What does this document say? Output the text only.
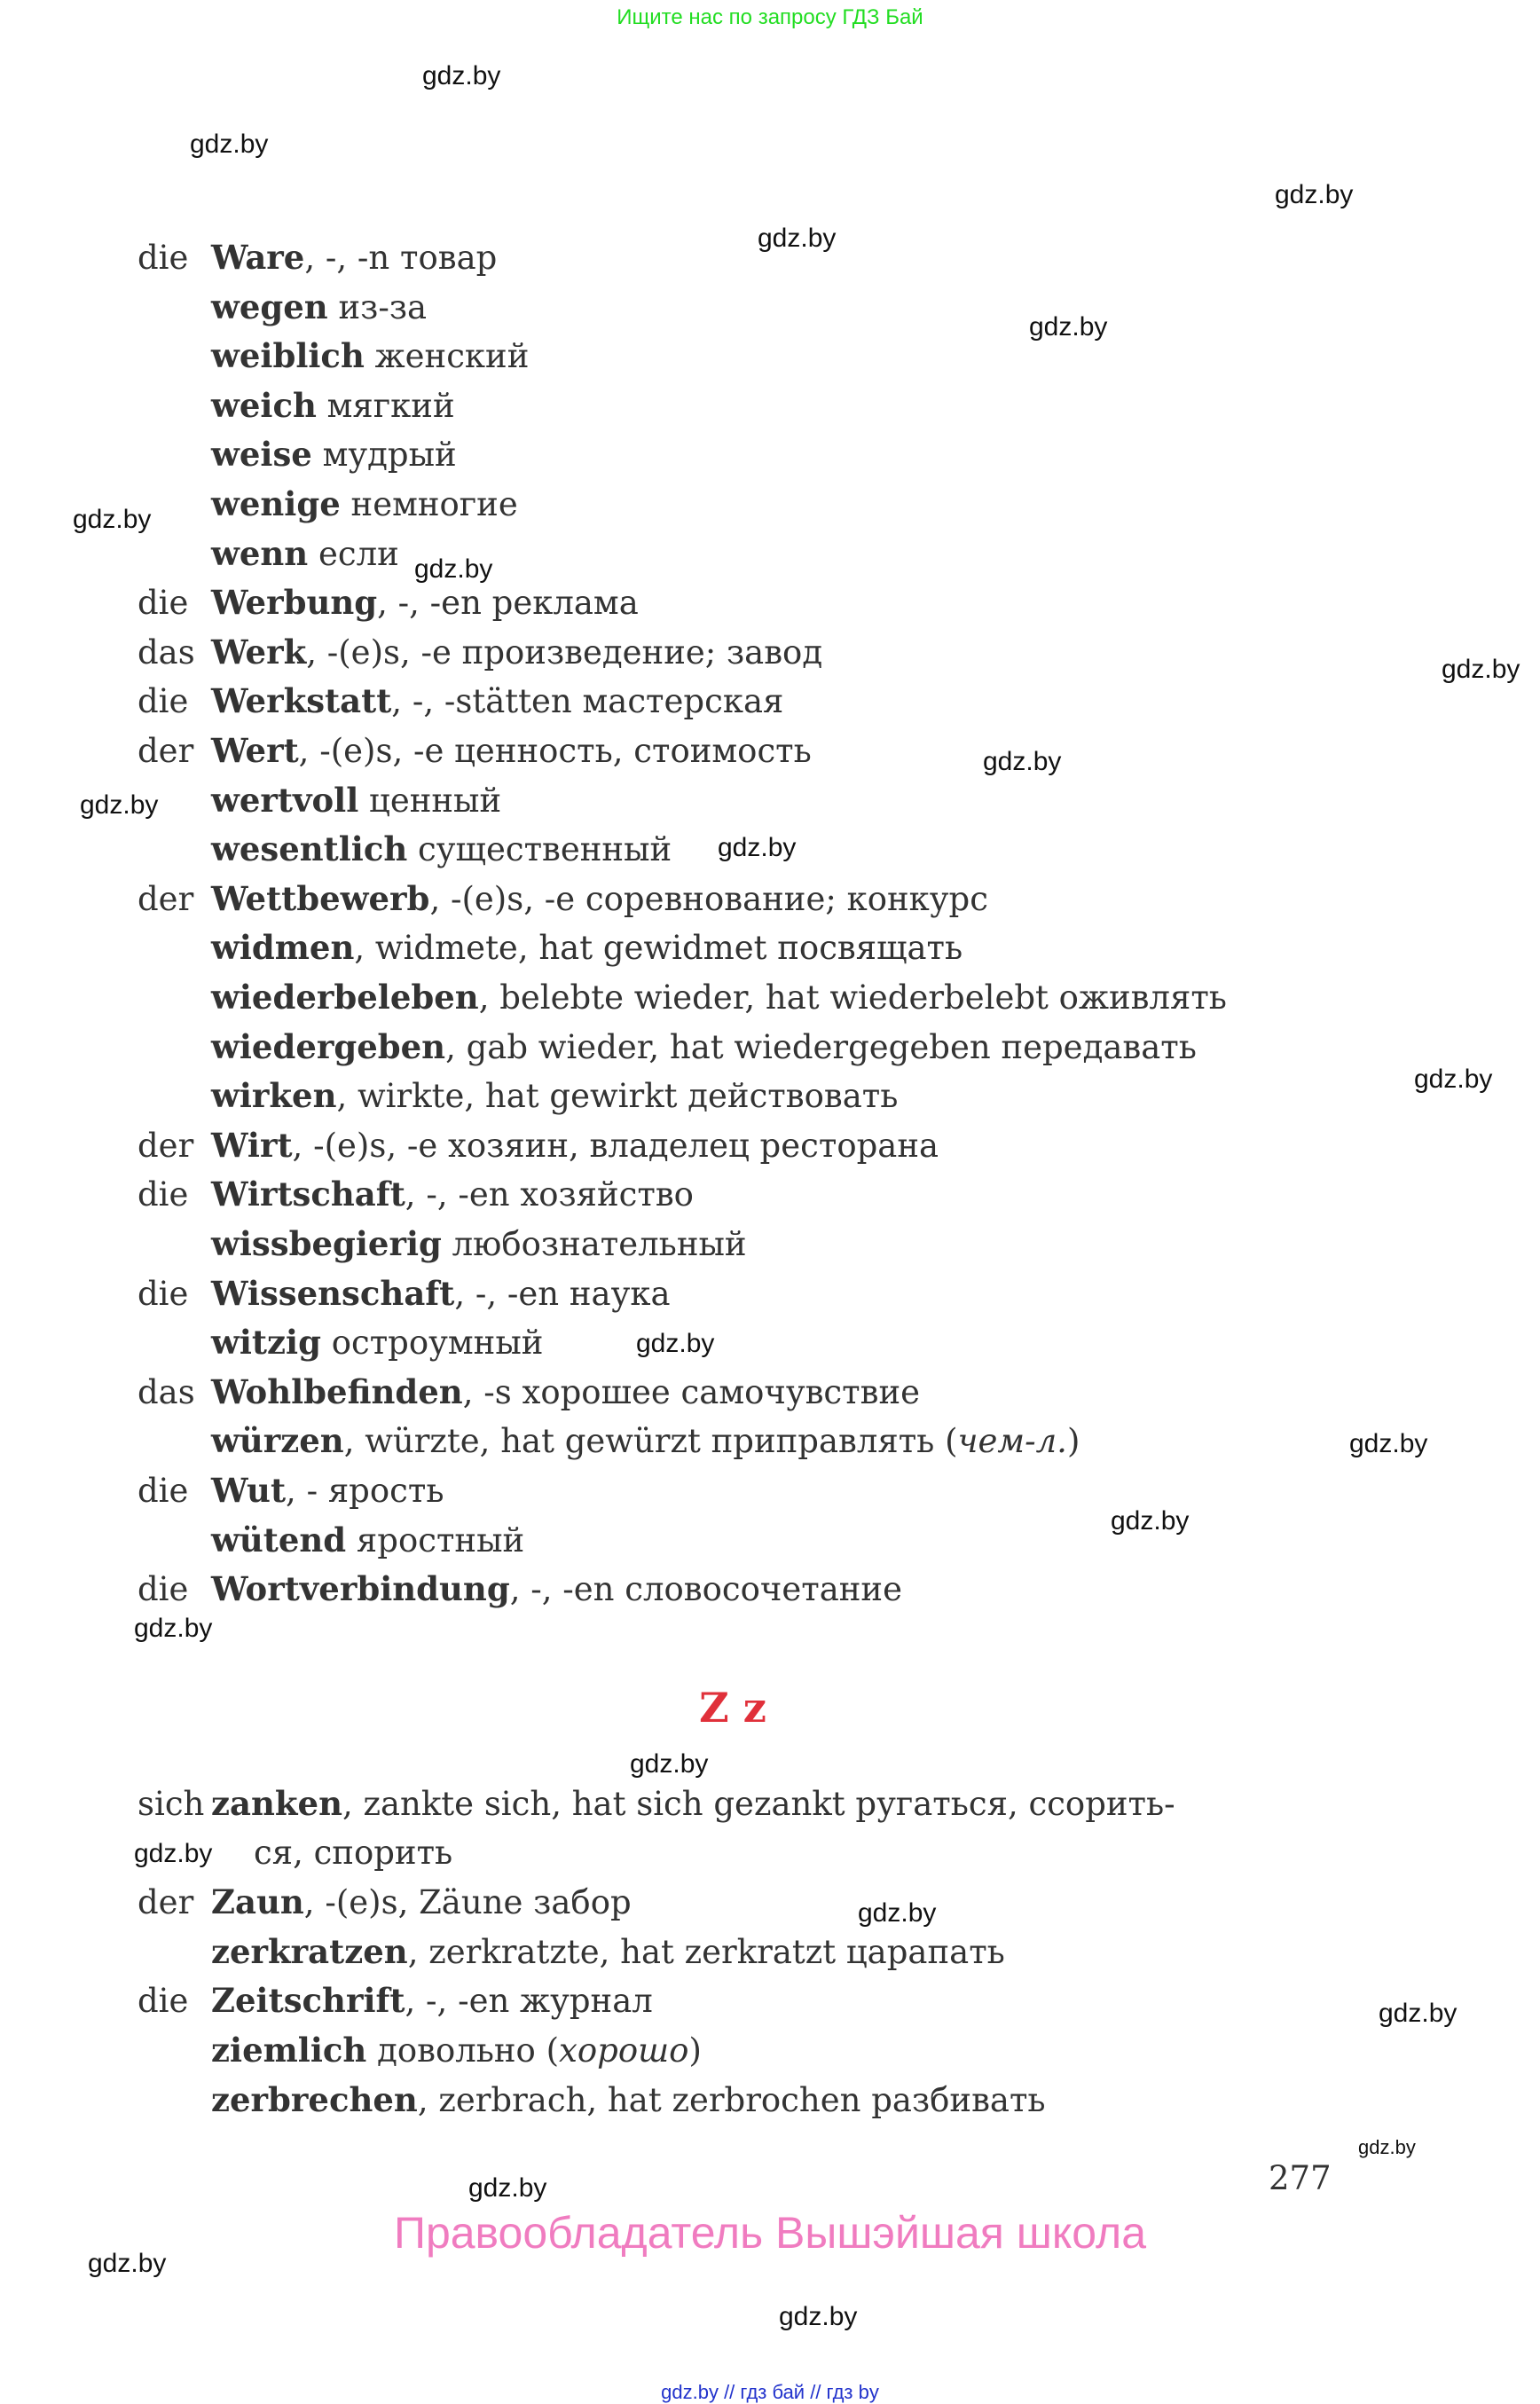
Ищите нас по запросу ГДЗ Бай
die Ware, -, -n товар
wegen из-за
weiblich женский
weich мягкий
weise мудрый
wenige немногие
wenn если
die Werbung, -, -en реклама
das Werk, -(e)s, -e произведение; завод
die Werkstatt, -, -stätten мастерская
der Wert, -(e)s, -e ценность, стоимость
wertvoll ценный
wesentlich существенный
der Wettbewerb, -(e)s, -e соревнование; конкурс
widmen, widmete, hat gewidmet посвящать
wiederbeleben, belebte wieder, hat wiederbelebt оживлять
wiedergeben, gab wieder, hat wiedergegeben передавать
wirken, wirkte, hat gewirkt действовать
der Wirt, -(e)s, -e хозяин, владелец ресторана
die Wirtschaft, -, -en хозяйство
wissbegierig любознательный
die Wissenschaft, -, -en наука
witzig остроумный
das Wohlbefinden, -s хорошее самочувствие
würzen, würzte, hat gewürzt приправлять (чем-л.)
die Wut, - ярость
wütend яростный
die Wortverbindung, -, -en словосочетание
Z z
sich zanken, zankte sich, hat sich gezankt ругаться, ссорить-
ся, спорить
der Zaun, -(e)s, Zäune забор
zerkratzen, zerkratzte, hat zerkratzt царапать
die Zeitschrift, -, -en журнал
ziemlich довольно (хорошо)
zerbrechen, zerbrach, hat zerbrochen разбивать
277
Правообладатель Вышэйшая школа
gdz.by // гдз бай // гдз by
gdz.by
gdz.by
gdz.by
gdz.by
gdz.by
gdz.by
gdz.by
gdz.by
gdz.by
gdz.by
gdz.by
gdz.by
gdz.by
gdz.by
gdz.by
gdz.by
gdz.by
gdz.by
gdz.by
gdz.by
gdz.by
gdz.by
gdz.by
gdz.by
